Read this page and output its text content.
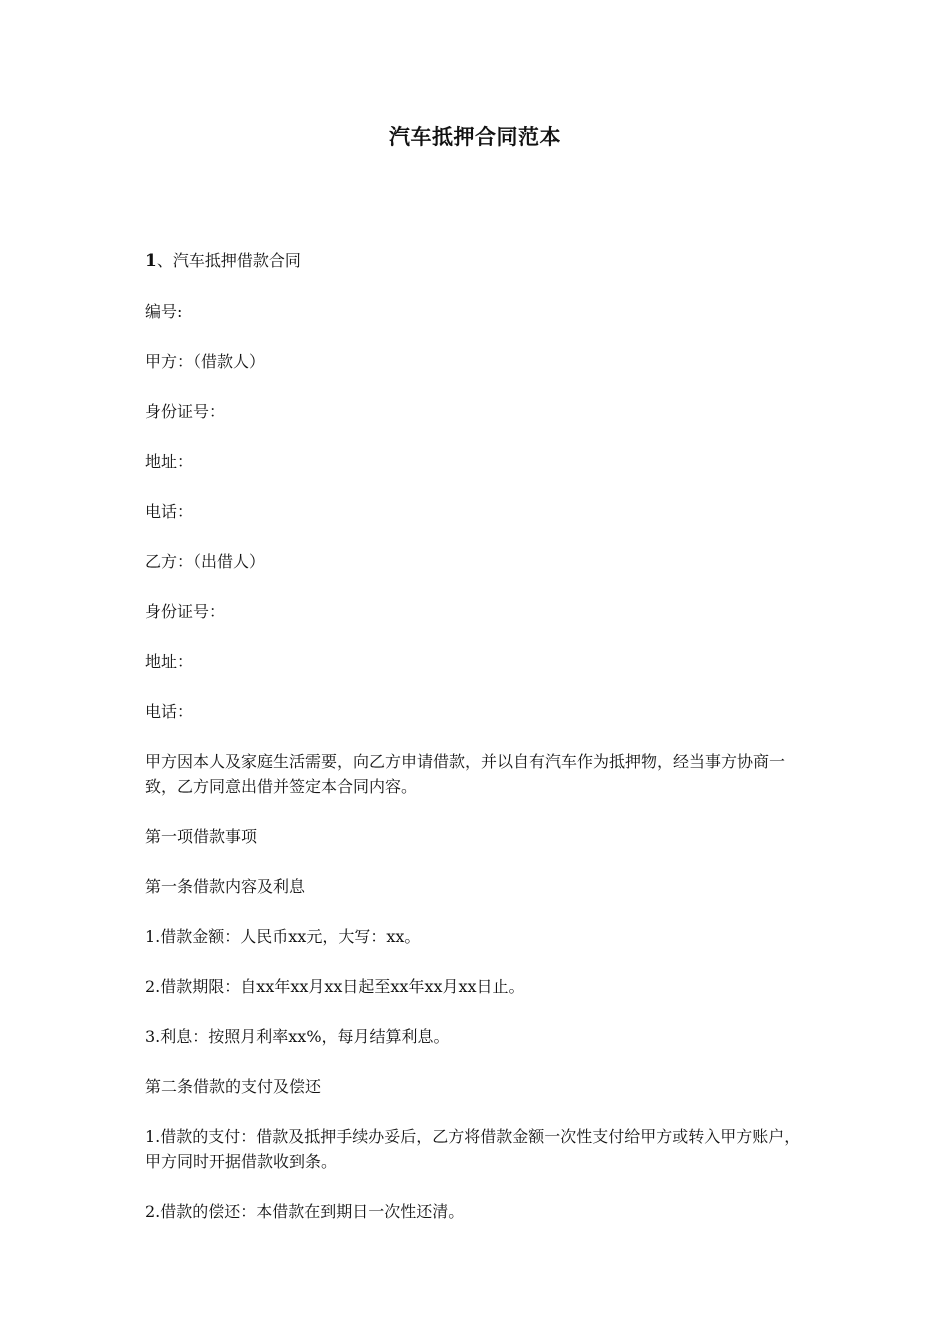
汽车抵押合同范本

1、汽车抵押借款合同

编号:

甲方：（借款人）

身份证号：

地址：

电话：

乙方：（出借人）

身份证号：

地址：

电话：

甲方因本人及家庭生活需要，向乙方申请借款，并以自有汽车作为抵押物，经当事方协商一致，乙方同意出借并签定本合同内容。

第一项借款事项

第一条借款内容及利息

1.借款金额：人民币xx元，大写：xx。

2.借款期限：自xx年xx月xx日起至xx年xx月xx日止。

3.利息：按照月利率xx%，每月结算利息。

第二条借款的支付及偿还

1.借款的支付：借款及抵押手续办妥后，乙方将借款金额一次性支付给甲方或转入甲方账户，甲方同时开据借款收到条。

2.借款的偿还：本借款在到期日一次性还清。
